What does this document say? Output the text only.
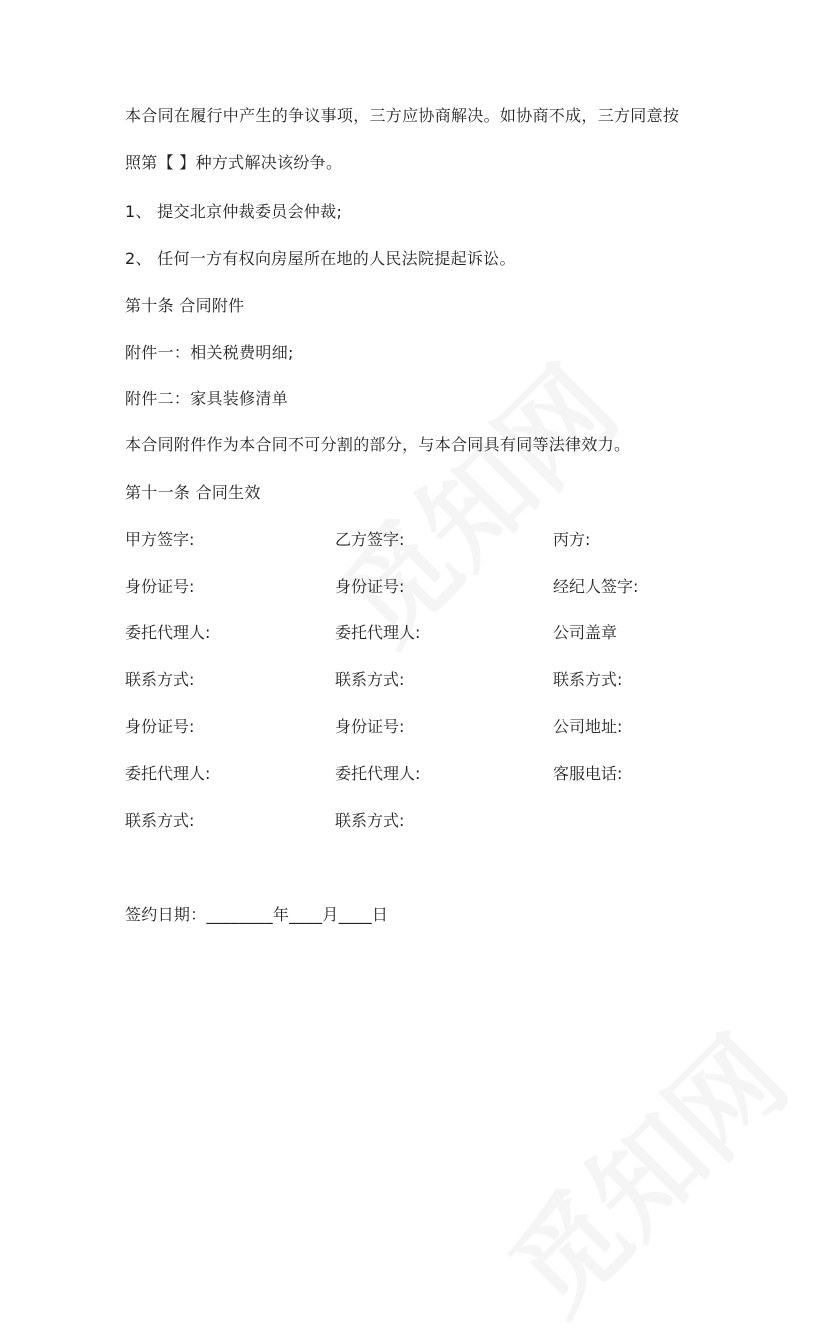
本合同在履行中产生的争议事项，三方应协商解决。如协商不成，三方同意按
照第【 】种方式解决该纷争。
1、 提交北京仲裁委员会仲裁;
2、 任何一方有权向房屋所在地的人民法院提起诉讼。
第十条 合同附件
附件一：相关税费明细;
附件二：家具装修清单
本合同附件作为本合同不可分割的部分，与本合同具有同等法律效力。
第十一条 合同生效
甲方签字:	乙方签字:	丙方:
身份证号:	身份证号:	经纪人签字:
委托代理人:	委托代理人:	公司盖章
联系方式:	联系方式:	联系方式:
身份证号:	身份证号:	公司地址:
委托代理人:	委托代理人:	客服电话:
联系方式:	联系方式:
签约日期：________年____月____日
